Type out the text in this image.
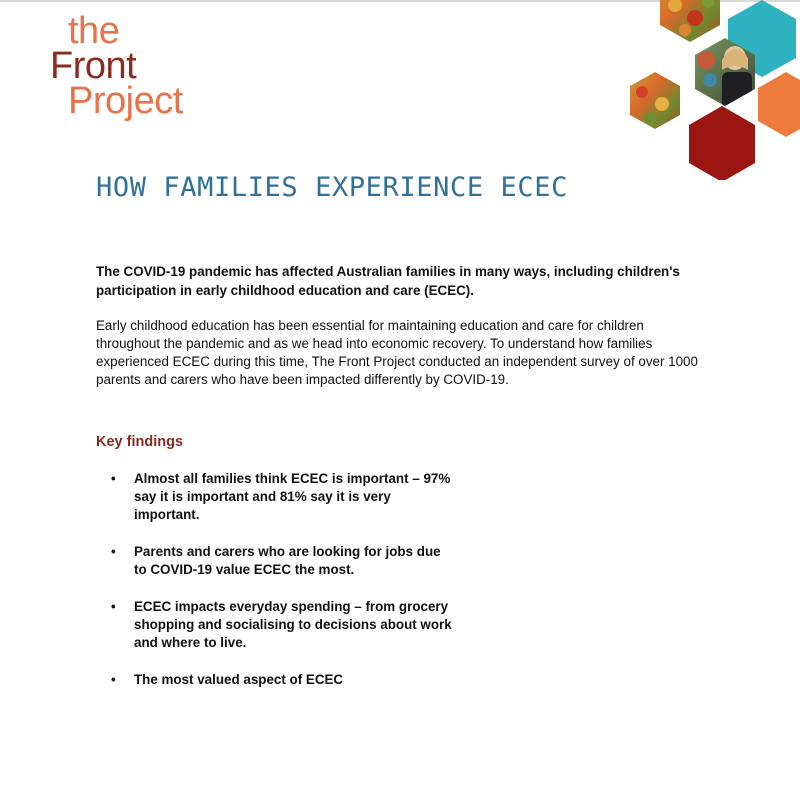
the
Front
Project
HOW FAMILIES EXPERIENCE ECEC

The COVID-19 pandemic has affected Australian families in many ways, including children's participation in early childhood education and care (ECEC).

Early childhood education has been essential for maintaining education and care for children throughout the pandemic and as we head into economic recovery. To understand how families experienced ECEC during this time, The Front Project conducted an independent survey of over 1000 parents and carers who have been impacted differently by COVID-19.

Key findings
• Almost all families think ECEC is important – 97% say it is important and 81% say it is very important.
• Parents and carers who are looking for jobs due to COVID-19 value ECEC the most.
• ECEC impacts everyday spending – from grocery shopping and socialising to decisions about work and where to live.
• The most valued aspect of ECEC
